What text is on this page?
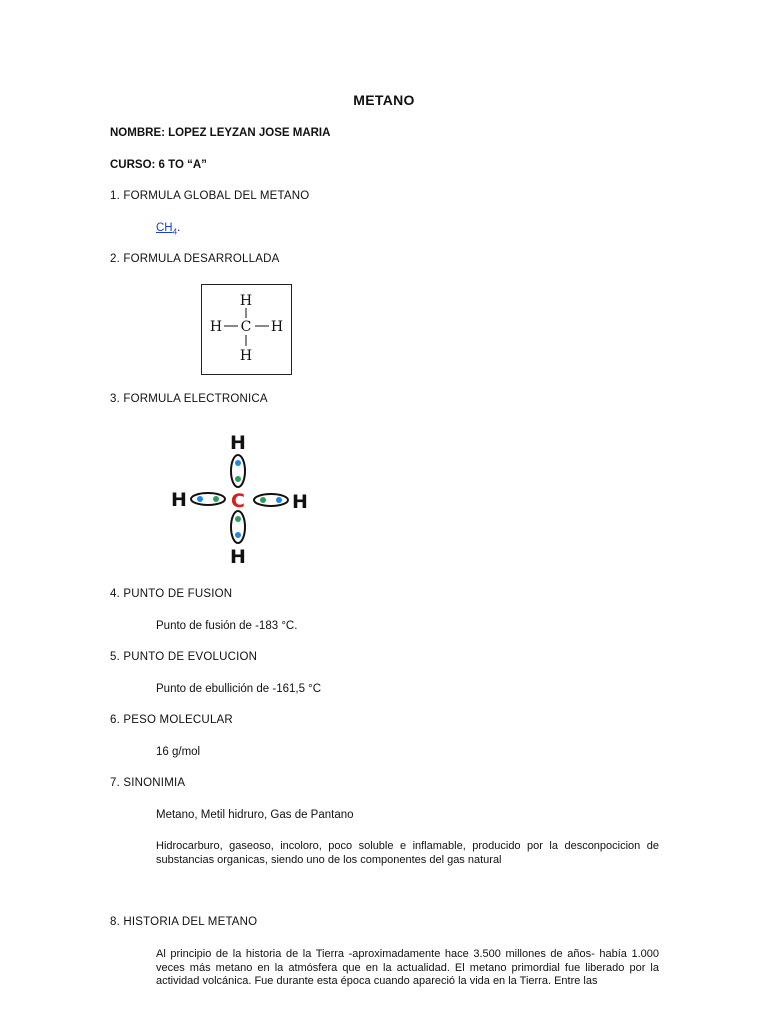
METANO
NOMBRE: LOPEZ LEYZAN JOSE MARIA
CURSO: 6 TO “A”
1. FORMULA GLOBAL DEL METANO
$CH_4$.
2. FORMULA DESARROLLADA
H
H C H
H
3. FORMULA ELECTRONICA
H
H C H
H
4. PUNTO DE FUSION
Punto de fusión de -183 °C.
5. PUNTO DE EVOLUCION
Punto de ebullición de -161,5 °C
6. PESO MOLECULAR
16 g/mol
7. SINONIMIA
Metano, Metil hidruro, Gas de Pantano
Hidrocarburo, gaseoso, incoloro, poco soluble e inflamable, producido por la desconpocicion de substancias organicas, siendo uno de los componentes del gas natural
8. HISTORIA DEL METANO
Al principio de la historia de la Tierra -aproximadamente hace 3.500 millones de años- había 1.000 veces más metano en la atmósfera que en la actualidad. El metano primordial fue liberado por la actividad volcánica. Fue durante esta época cuando apareció la vida en la Tierra. Entre las
